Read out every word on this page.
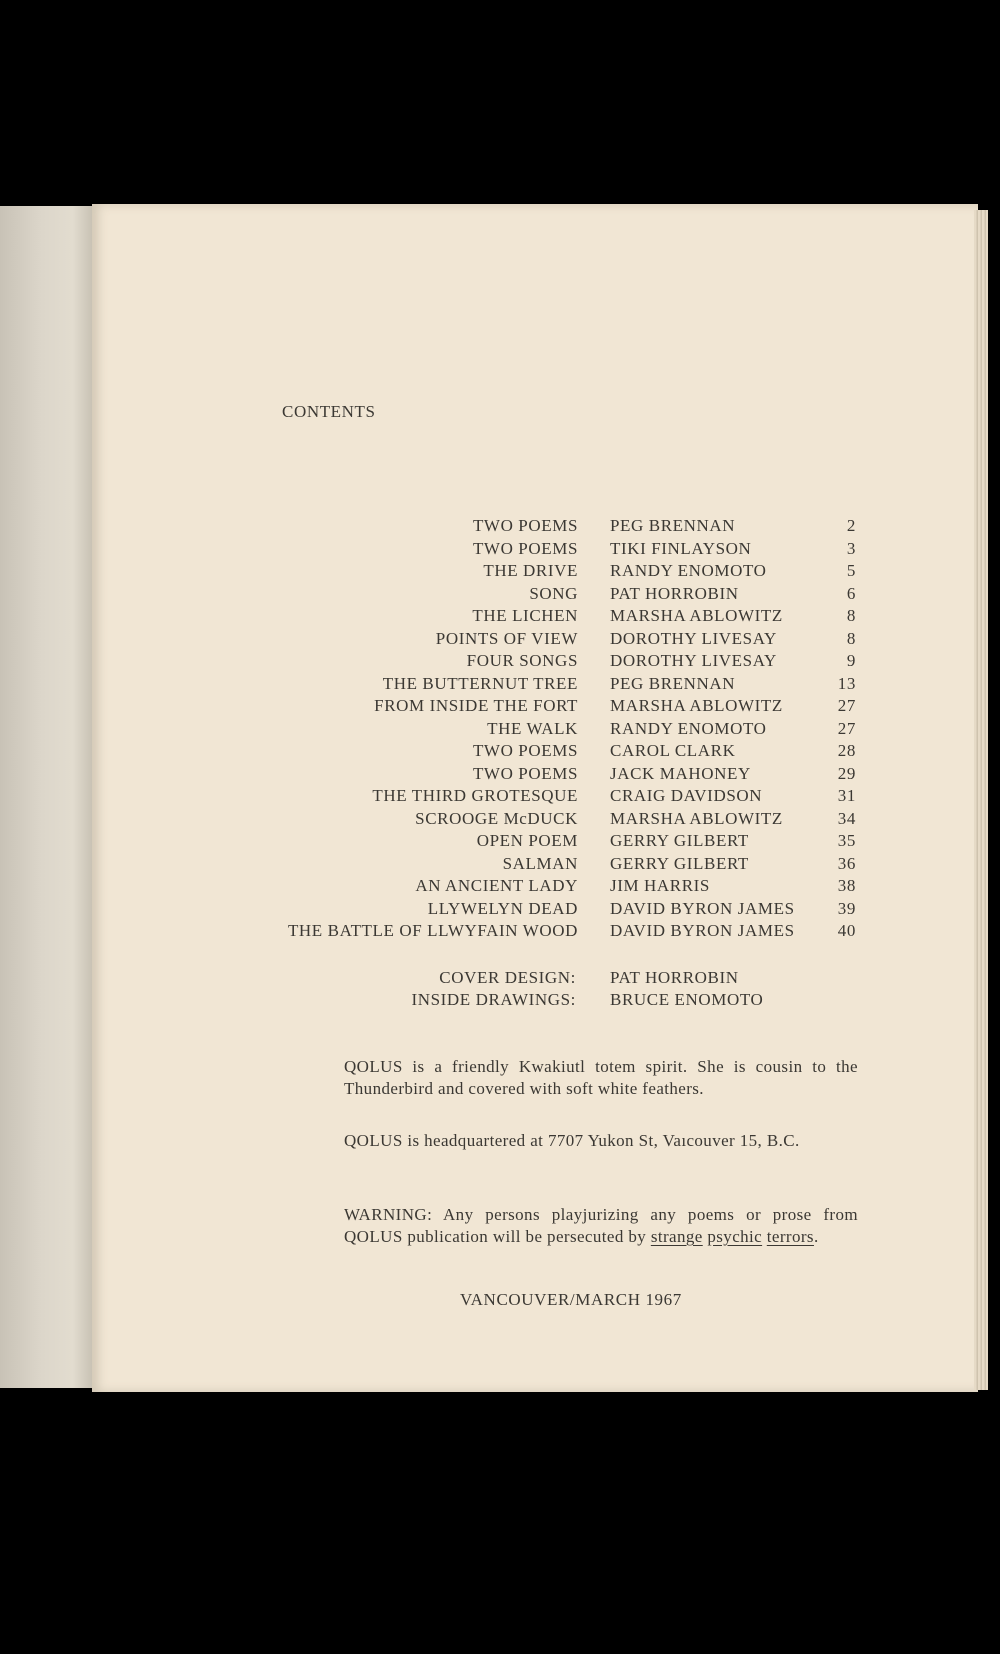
CONTENTS
TWO POEMS
TWO POEMS
THE DRIVE
SONG
THE LICHEN
POINTS OF VIEW
FOUR SONGS
THE BUTTERNUT TREE
FROM INSIDE THE FORT
THE WALK
TWO POEMS
TWO POEMS
THE THIRD GROTESQUE
SCROOGE McDUCK
OPEN POEM
SALMAN
AN ANCIENT LADY
LLYWELYN DEAD
THE BATTLE OF LLWYFAIN WOOD
PEG BRENNAN
TIKI FINLAYSON
RANDY ENOMOTO
PAT HORROBIN
MARSHA ABLOWITZ
DOROTHY LIVESAY
DOROTHY LIVESAY
PEG BRENNAN
MARSHA ABLOWITZ
RANDY ENOMOTO
CAROL CLARK
JACK MAHONEY
CRAIG DAVIDSON
MARSHA ABLOWITZ
GERRY GILBERT
GERRY GILBERT
JIM HARRIS
DAVID BYRON JAMES
DAVID BYRON JAMES
2
3
5
6
8
8
9
13
27
27
28
29
31
34
35
36
38
39
40
COVER DESIGN:
INSIDE DRAWINGS:
PAT HORROBIN
BRUCE ENOMOTO
QOLUS is a friendly Kwakiutl totem spirit. She is cousin to the Thunderbird and covered with soft white feathers.
QOLUS is headquartered at 7707 Yukon St, Vaıcouver 15, B.C.
WARNING: Any persons playjurizing any poems or prose from QOLUS publication will be persecuted by strange psychic terrors.
VANCOUVER/MARCH 1967
